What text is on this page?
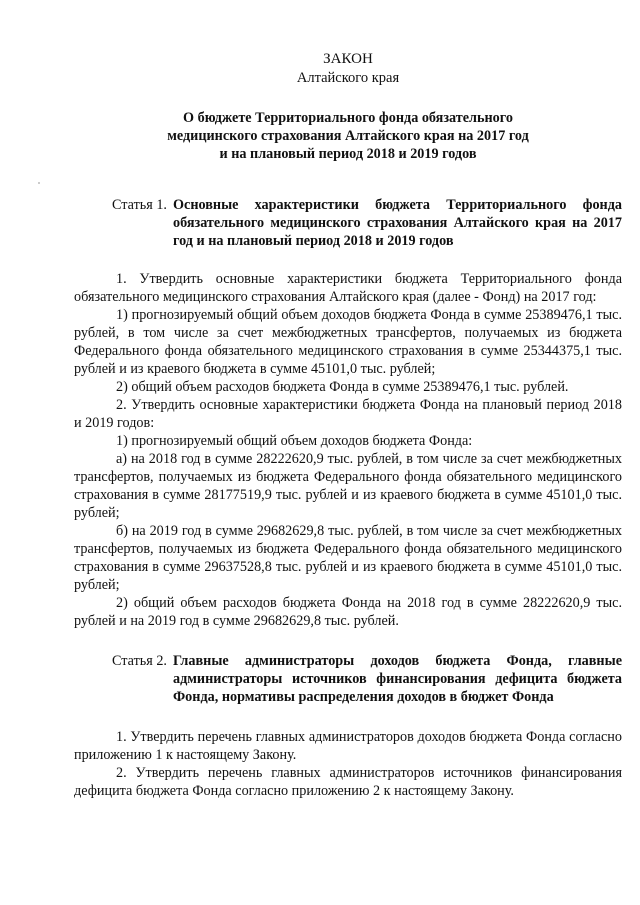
ЗАКОН
Алтайского края
О бюджете Территориального фонда обязательного
медицинского страхования Алтайского края на 2017 год
и на плановый период 2018 и 2019 годов
Статья 1. Основные характеристики бюджета Территориального фонда обязательного медицинского страхования Алтайского края на 2017 год и на плановый период 2018 и 2019 годов

1. Утвердить основные характеристики бюджета Территориального фонда обязательного медицинского страхования Алтайского края (далее - Фонд) на 2017 год:

1) прогнозируемый общий объем доходов бюджета Фонда в сумме 25389476,1 тыс. рублей, в том числе за счет межбюджетных трансфертов, получаемых из бюджета Федерального фонда обязательного медицинского страхования в сумме 25344375,1 тыс. рублей и из краевого бюджета в сумме 45101,0 тыс. рублей;

2) общий объем расходов бюджета Фонда в сумме 25389476,1 тыс. рублей.

2. Утвердить основные характеристики бюджета Фонда на плановый период 2018 и 2019 годов:

1) прогнозируемый общий объем доходов бюджета Фонда:

а) на 2018 год в сумме 28222620,9 тыс. рублей, в том числе за счет межбюджетных трансфертов, получаемых из бюджета Федерального фонда обязательного медицинского страхования в сумме 28177519,9 тыс. рублей и из краевого бюджета в сумме 45101,0 тыс. рублей;

б) на 2019 год в сумме 29682629,8 тыс. рублей, в том числе за счет межбюджетных трансфертов, получаемых из бюджета Федерального фонда обязательного медицинского страхования в сумме 29637528,8 тыс. рублей и из краевого бюджета в сумме 45101,0 тыс. рублей;

2) общий объем расходов бюджета Фонда на 2018 год в сумме 28222620,9 тыс. рублей и на 2019 год в сумме 29682629,8 тыс. рублей.

Статья 2. Главные администраторы доходов бюджета Фонда, главные администраторы источников финансирования дефицита бюджета Фонда, нормативы распределения доходов в бюджет Фонда

1. Утвердить перечень главных администраторов доходов бюджета Фонда согласно приложению 1 к настоящему Закону.

2. Утвердить перечень главных администраторов источников финансирования дефицита бюджета Фонда согласно приложению 2 к настоящему Закону.
